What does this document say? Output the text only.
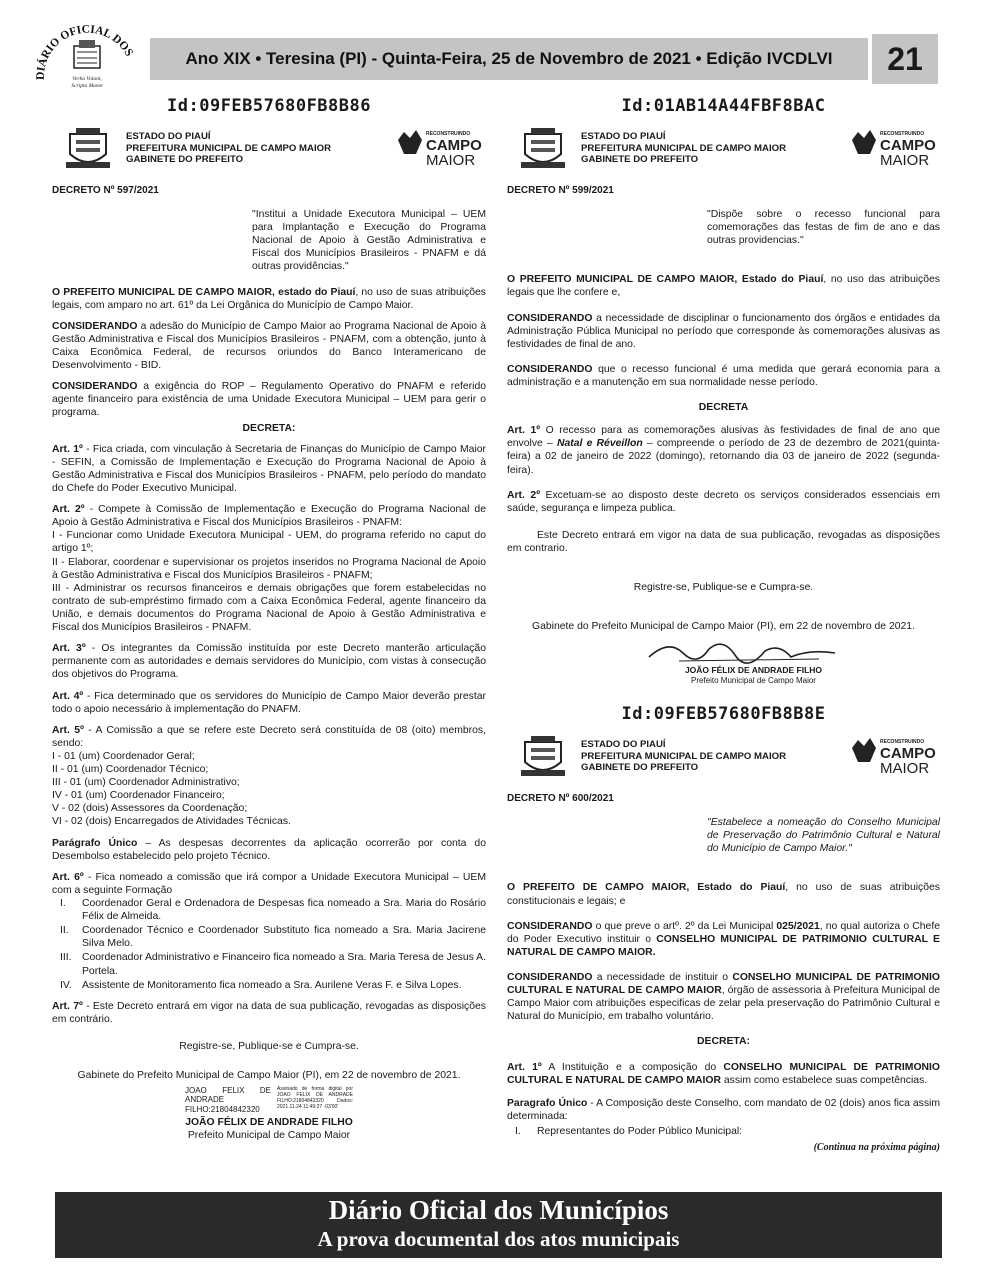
DIÁRIO OFICIAL DOS
Verba Volant,
Scripta Manet
Ano XIX • Teresina (PI) - Quinta-Feira, 25 de Novembro de 2021 • Edição IVCDLVI	21
Id:09FEB57680FB8B86
ESTADO DO PIAUÍ
PREFEITURA MUNICIPAL DE CAMPO MAIOR
GABINETE DO PREFEITO
RECONSTRUINDO
CAMPO
MAIOR
DECRETO Nº 597/2021
"Institui a Unidade Executora Municipal – UEM para Implantação e Execução do Programa Nacional de Apoio à Gestão Administrativa e Fiscal dos Municípios Brasileiros - PNAFM e dá outras providências."
O PREFEITO MUNICIPAL DE CAMPO MAIOR, estado do Piauí, no uso de suas atribuições legais, com amparo no art. 61º da Lei Orgânica do Município de Campo Maior.
CONSIDERANDO a adesão do Município de Campo Maior ao Programa Nacional de Apoio à Gestão Administrativa e Fiscal dos Municípios Brasileiros - PNAFM, com a obtenção, junto à Caixa Econômica Federal, de recursos oriundos do Banco Interamericano de Desenvolvimento - BID.
CONSIDERANDO a exigência do ROP – Regulamento Operativo do PNAFM e referido agente financeiro para existência de uma Unidade Executora Municipal – UEM para gerir o programa.
DECRETA:
Art. 1º - Fica criada, com vinculação à Secretaria de Finanças do Município de Campo Maior - SEFIN, a Comissão de Implementação e Execução do Programa Nacional de Apoio à Gestão Administrativa e Fiscal dos Municípios Brasileiros - PNAFM, pelo período do mandato do Chefe do Poder Executivo Municipal.
Art. 2º - Compete à Comissão de Implementação e Execução do Programa Nacional de Apoio à Gestão Administrativa e Fiscal dos Municípios Brasileiros - PNAFM:
I - Funcionar como Unidade Executora Municipal - UEM, do programa referido no caput do artigo 1º;
II - Elaborar, coordenar e supervisionar os projetos inseridos no Programa Nacional de Apoio à Gestão Administrativa e Fiscal dos Municípios Brasileiros - PNAFM;
III - Administrar os recursos financeiros e demais obrigações que forem estabelecidas no contrato de sub-empréstimo firmado com a Caixa Econômica Federal, agente financeiro da União, e demais documentos do Programa Nacional de Apoio à Gestão Administrativa e Fiscal dos Municípios Brasileiros - PNAFM.
Art. 3º - Os integrantes da Comissão instituída por este Decreto manterão articulação permanente com as autoridades e demais servidores do Município, com vistas à consecução dos objetivos do Programa.
Art. 4º - Fica determinado que os servidores do Município de Campo Maior deverão prestar todo o apoio necessário à implementação do PNAFM.
Art. 5º - A Comissão a que se refere este Decreto será constituída de 08 (oito) membros, sendo:
I - 01 (um) Coordenador Geral;
II - 01 (um) Coordenador Técnico;
III - 01 (um) Coordenador Administrativo;
IV - 01 (um) Coordenador Financeiro;
V - 02 (dois) Assessores da Coordenação;
VI - 02 (dois) Encarregados de Atividades Técnicas.
Parágrafo Único – As despesas decorrentes da aplicação ocorrerão por conta do Desembolso estabelecido pelo projeto Técnico.
Art. 6º - Fica nomeado a comissão que irá compor a Unidade Executora Municipal – UEM com a seguinte Formação
I.	Coordenador Geral e Ordenadora de Despesas fica nomeado a Sra. Maria do Rosário Félix de Almeida.
II.	Coordenador Técnico e Coordenador Substituto fica nomeado a Sra. Maria Jacirene Silva Melo.
III.	Coordenador Administrativo e Financeiro fica nomeado a Sra. Maria Teresa de Jesus A. Portela.
IV. Assistente de Monitoramento fica nomeado a Sra. Aurilene Veras F. e Silva Lopes.
Art. 7º - Este Decreto entrará em vigor na data de sua publicação, revogadas as disposições em contrário.
Registre-se, Publique-se e Cumpra-se.
Gabinete do Prefeito Municipal de Campo Maior (PI), em 22 de novembro de 2021.
JOAO FELIX DE ANDRADE FILHO:21804842320
Assinado de forma digital por JOAO FELIX DE ANDRADE FILHO:21804842320 Dados: 2021.11.24 11:49:27 -03'00'
JOÃO FÉLIX DE ANDRADE FILHO
Prefeito Municipal de Campo Maior
Id:01AB14A44FBF8BAC
ESTADO DO PIAUÍ
PREFEITURA MUNICIPAL DE CAMPO MAIOR
GABINETE DO PREFEITO
RECONSTRUINDO
CAMPO
MAIOR
DECRETO Nº 599/2021
"Dispõe sobre o recesso funcional para comemorações das festas de fim de ano e das outras providencias."
O PREFEITO MUNICIPAL DE CAMPO MAIOR, Estado do Piauí, no uso das atribuições legais que lhe confere e,
CONSIDERANDO a necessidade de disciplinar o funcionamento dos órgãos e entidades da Administração Pública Municipal no período que corresponde às comemorações alusivas as festividades de final de ano.
CONSIDERANDO que o recesso funcional é uma medida que gerará economia para a administração e a manutenção em sua normalidade nesse período.
DECRETA
Art. 1º O recesso para as comemorações alusivas às festividades de final de ano que envolve – Natal e Réveillon – compreende o período de 23 de dezembro de 2021(quinta-feira) a 02 de janeiro de 2022 (domingo), retornando dia 03 de janeiro de 2022 (segunda-feira).
Art. 2º Excetuam-se ao disposto deste decreto os serviços considerados essenciais em saúde, segurança e limpeza publica.
Este Decreto entrará em vigor na data de sua publicação, revogadas as disposições em contrario.
Registre-se, Publique-se e Cumpra-se.
Gabinete do Prefeito Municipal de Campo Maior (PI), em 22 de novembro de 2021.
JOÃO FÉLIX DE ANDRADE FILHO
Prefeito Municipal de Campo Maior
Id:09FEB57680FB8B8E
ESTADO DO PIAUÍ
PREFEITURA MUNICIPAL DE CAMPO MAIOR
GABINETE DO PREFEITO
RECONSTRUINDO
CAMPO
MAIOR
DECRETO Nº 600/2021
"Estabelece a nomeação do Conselho Municipal de Preservação do Patrimônio Cultural e Natural do Município de Campo Maior."
O PREFEITO DE CAMPO MAIOR, Estado do Piauí, no uso de suas atribuições constitucionais e legais; e
CONSIDERANDO o que preve o artº. 2º da Lei Municipal 025/2021, no qual autoriza o Chefe do Poder Executivo instituir o CONSELHO MUNICIPAL DE PATRIMONIO CULTURAL E NATURAL DE CAMPO MAIOR.
CONSIDERANDO a necessidade de instituir o CONSELHO MUNICIPAL DE PATRIMONIO CULTURAL E NATURAL DE CAMPO MAIOR, órgão de assessoria à Prefeitura Municipal de Campo Maior com atribuições especificas de zelar pela preservação do Patrimônio Cultural e Natural do Município, em trabalho voluntário.
DECRETA:
Art. 1º A Instituição e a composição do CONSELHO MUNICIPAL DE PATRIMONIO CULTURAL E NATURAL DE CAMPO MAIOR assim como estabelece suas competências.
Paragrafo Único - A Composição deste Conselho, com mandato de 02 (dois) anos fica assim determinada:
I.	Representantes do Poder Público Municipal:
(Continua na próxima página)
Diário Oficial dos Municípios
A prova documental dos atos municipais
